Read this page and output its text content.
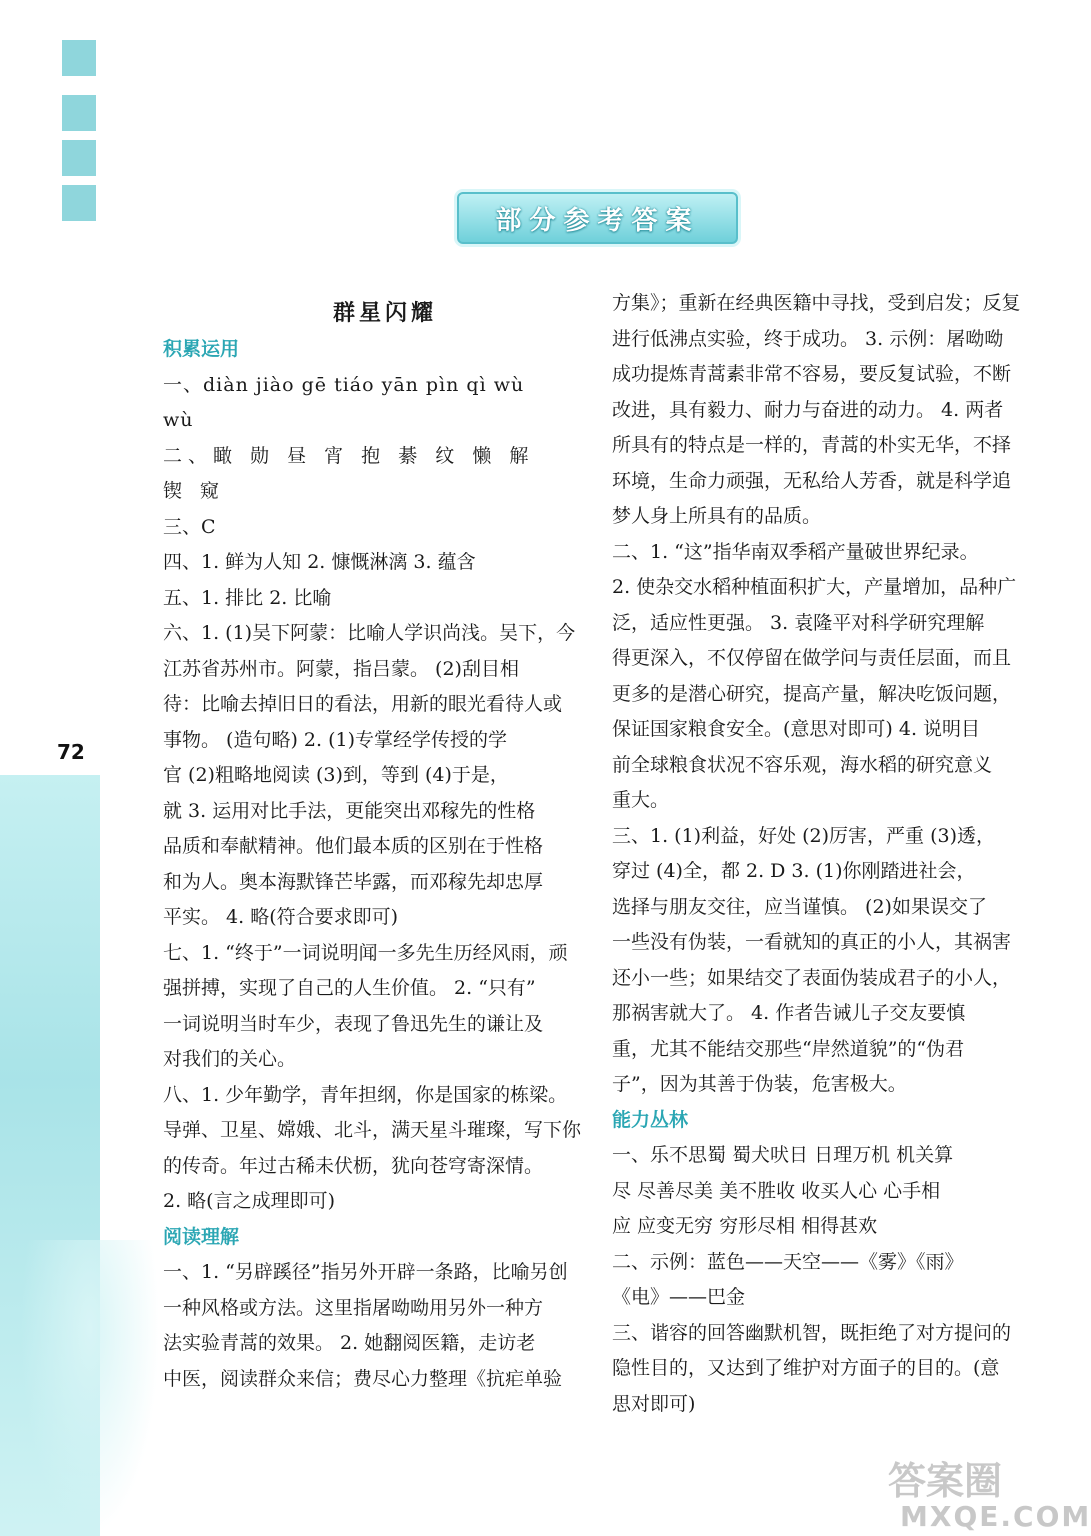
72
部分参考答案
群星闪耀

积累运用

一、diàn jiào gē tiáo yān pìn qì wù

wù

二、瞰 勋 昼 宵 抱 綦 纹 懒 解

锲 窥

三、C

四、1. 鲜为人知 2. 慷慨淋漓 3. 蕴含

五、1. 排比 2. 比喻

六、1. (1)吴下阿蒙：比喻人学识尚浅。吴下，今

江苏省苏州市。阿蒙，指吕蒙。 (2)刮目相

待：比喻去掉旧日的看法，用新的眼光看待人或

事物。 (造句略) 2. (1)专掌经学传授的学

官 (2)粗略地阅读 (3)到，等到 (4)于是，

就 3. 运用对比手法，更能突出邓稼先的性格

品质和奉献精神。他们最本质的区别在于性格

和为人。奥本海默锋芒毕露，而邓稼先却忠厚

平实。 4. 略(符合要求即可)

七、1. “终于”一词说明闻一多先生历经风雨，顽

强拼搏，实现了自己的人生价值。 2. “只有”

一词说明当时车少，表现了鲁迅先生的谦让及

对我们的关心。

八、1. 少年勤学，青年担纲，你是国家的栋梁。

导弹、卫星、嫦娥、北斗，满天星斗璀璨，写下你

的传奇。年过古稀未伏枥，犹向苍穹寄深情。

2. 略(言之成理即可)

阅读理解

一、1. “另辟蹊径”指另外开辟一条路，比喻另创

一种风格或方法。这里指屠呦呦用另外一种方

法实验青蒿的效果。 2. 她翻阅医籍，走访老

中医，阅读群众来信；费尽心力整理《抗疟单验

方集》；重新在经典医籍中寻找，受到启发；反复

进行低沸点实验，终于成功。 3. 示例：屠呦呦

成功提炼青蒿素非常不容易，要反复试验，不断

改进，具有毅力、耐力与奋进的动力。 4. 两者

所具有的特点是一样的，青蒿的朴实无华，不择

环境，生命力顽强，无私给人芳香，就是科学追

梦人身上所具有的品质。

二、1. “这”指华南双季稻产量破世界纪录。

2. 使杂交水稻种植面积扩大，产量增加，品种广

泛，适应性更强。 3. 袁隆平对科学研究理解

得更深入，不仅停留在做学问与责任层面，而且

更多的是潜心研究，提高产量，解决吃饭问题，

保证国家粮食安全。(意思对即可) 4. 说明目

前全球粮食状况不容乐观，海水稻的研究意义

重大。

三、1. (1)利益，好处 (2)厉害，严重 (3)透，

穿过 (4)全，都 2. D 3. (1)你刚踏进社会，

选择与朋友交往，应当谨慎。 (2)如果误交了

一些没有伪装，一看就知的真正的小人，其祸害

还小一些；如果结交了表面伪装成君子的小人，

那祸害就大了。 4. 作者告诫儿子交友要慎

重，尤其不能结交那些“岸然道貌”的“伪君

子”，因为其善于伪装，危害极大。

能力丛林

一、乐不思蜀 蜀犬吠日 日理万机 机关算

尽 尽善尽美 美不胜收 收买人心 心手相

应 应变无穷 穷形尽相 相得甚欢

二、示例：蓝色——天空——《雾》《雨》

《电》——巴金

三、谐容的回答幽默机智，既拒绝了对方提问的

隐性目的，又达到了维护对方面子的目的。(意

思对即可)

答案圈
MXQE.COM
